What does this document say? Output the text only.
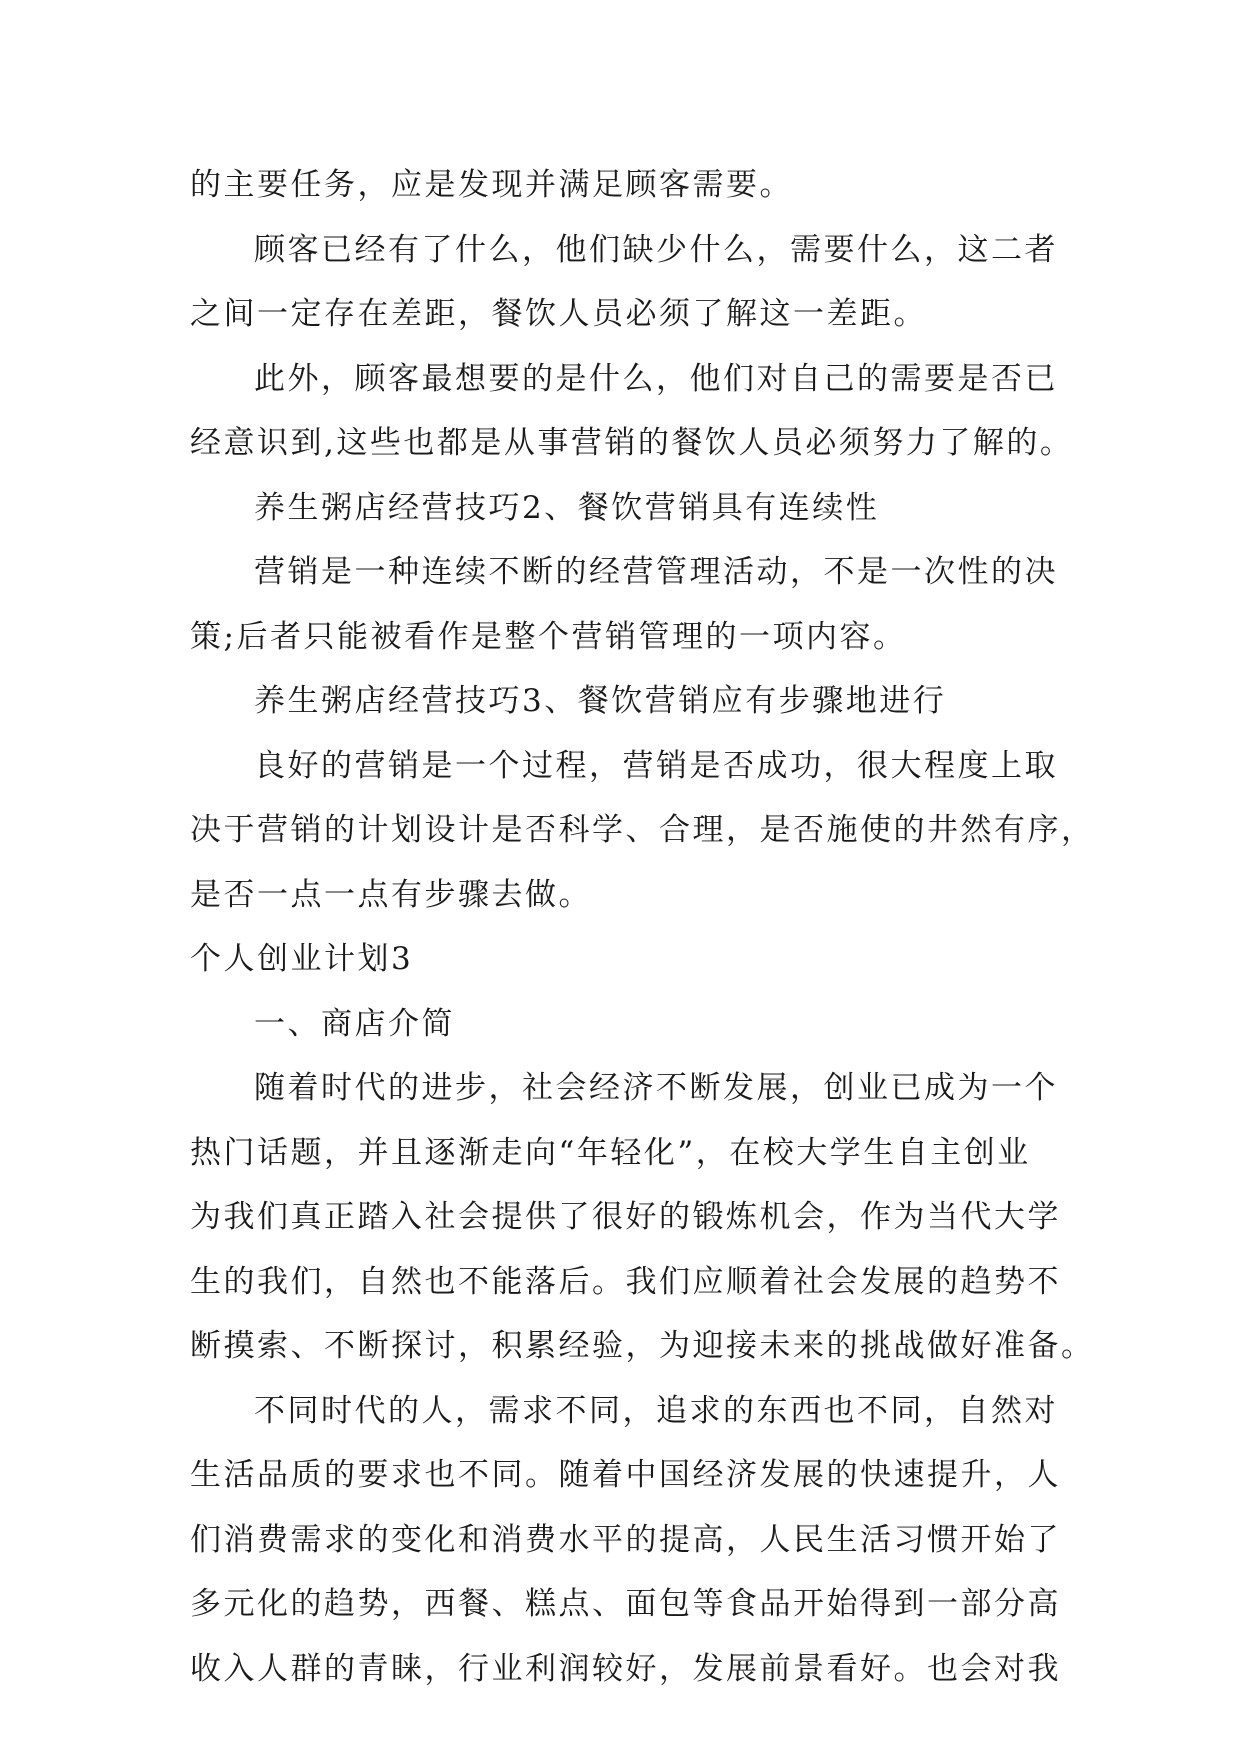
的主要任务，应是发现并满足顾客需要。
顾客已经有了什么，他们缺少什么，需要什么，这二者
之间一定存在差距，餐饮人员必须了解这一差距。
此外，顾客最想要的是什么，他们对自己的需要是否已
经意识到,这些也都是从事营销的餐饮人员必须努力了解的。
养生粥店经营技巧2、餐饮营销具有连续性
营销是一种连续不断的经营管理活动，不是一次性的决
策;后者只能被看作是整个营销管理的一项内容。
养生粥店经营技巧3、餐饮营销应有步骤地进行
良好的营销是一个过程，营销是否成功，很大程度上取
决于营销的计划设计是否科学、合理，是否施使的井然有序，
是否一点一点有步骤去做。
个人创业计划3
一、商店介简
随着时代的进步，社会经济不断发展，创业已成为一个
热门话题，并且逐渐走向“年轻化”，在校大学生自主创业
为我们真正踏入社会提供了很好的锻炼机会，作为当代大学
生的我们，自然也不能落后。我们应顺着社会发展的趋势不
断摸索、不断探讨，积累经验，为迎接未来的挑战做好准备。
不同时代的人，需求不同，追求的东西也不同，自然对
生活品质的要求也不同。随着中国经济发展的快速提升，人
们消费需求的变化和消费水平的提高，人民生活习惯开始了
多元化的趋势，西餐、糕点、面包等食品开始得到一部分高
收入人群的青睐，行业利润较好，发展前景看好。也会对我
